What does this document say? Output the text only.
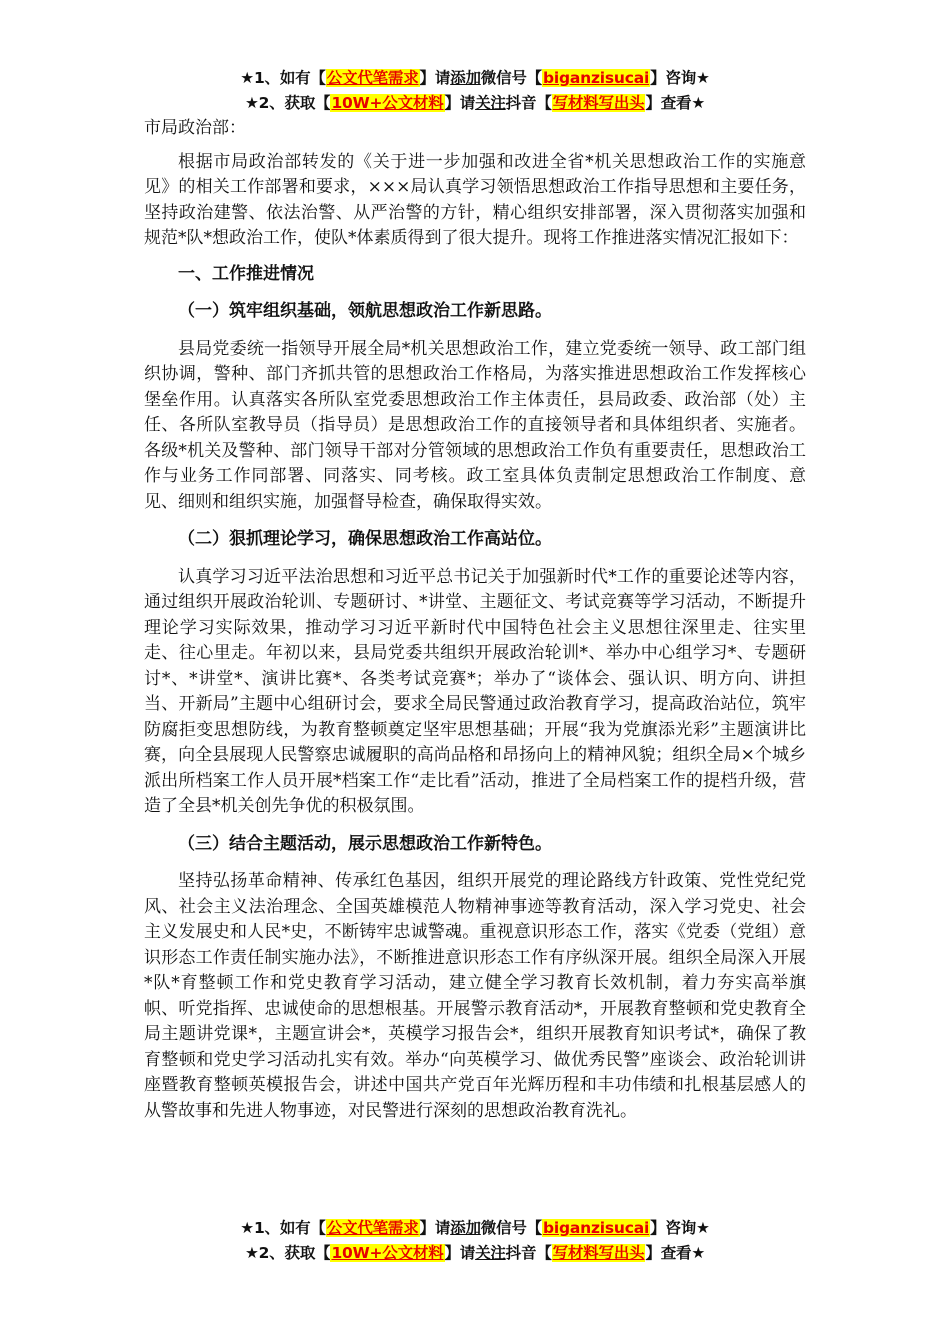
★1、如有【公文代笔需求】请添加微信号【biganzisucai】咨询★
★2、获取【10W+公文材料】请关注抖音【写材料写出头】查看★

市局政治部：

根据市局政治部转发的《关于进一步加强和改进全省*机关思想政治工作的实施意见》的相关工作部署和要求，×××局认真学习领悟思想政治工作指导思想和主要任务，坚持政治建警、依法治警、从严治警的方针，精心组织安排部署，深入贯彻落实加强和规范*队*想政治工作，使队*体素质得到了很大提升。现将工作推进落实情况汇报如下：

一、工作推进情况

（一）筑牢组织基础，领航思想政治工作新思路。

县局党委统一指领导开展全局*机关思想政治工作，建立党委统一领导、政工部门组织协调，警种、部门齐抓共管的思想政治工作格局，为落实推进思想政治工作发挥核心堡垒作用。认真落实各所队室党委思想政治工作主体责任，县局政委、政治部（处）主任、各所队室教导员（指导员）是思想政治工作的直接领导者和具体组织者、实施者。各级*机关及警种、部门领导干部对分管领域的思想政治工作负有重要责任，思想政治工作与业务工作同部署、同落实、同考核。政工室具体负责制定思想政治工作制度、意见、细则和组织实施，加强督导检查，确保取得实效。

（二）狠抓理论学习，确保思想政治工作高站位。

认真学习习近平法治思想和习近平总书记关于加强新时代*工作的重要论述等内容，通过组织开展政治轮训、专题研讨、*讲堂、主题征文、考试竞赛等学习活动，不断提升理论学习实际效果，推动学习习近平新时代中国特色社会主义思想往深里走、往实里走、往心里走。年初以来，县局党委共组织开展政治轮训*、举办中心组学习*、专题研讨*、*讲堂*、演讲比赛*、各类考试竞赛*；举办了“谈体会、强认识、明方向、讲担当、开新局”主题中心组研讨会，要求全局民警通过政治教育学习，提高政治站位，筑牢防腐拒变思想防线，为教育整顿奠定坚牢思想基础；开展“我为党旗添光彩”主题演讲比赛，向全县展现人民警察忠诚履职的高尚品格和昂扬向上的精神风貌；组织全局×个城乡派出所档案工作人员开展*档案工作“走比看”活动，推进了全局档案工作的提档升级，营造了全县*机关创先争优的积极氛围。

（三）结合主题活动，展示思想政治工作新特色。

坚持弘扬革命精神、传承红色基因，组织开展党的理论路线方针政策、党性党纪党风、社会主义法治理念、全国英雄模范人物精神事迹等教育活动，深入学习党史、社会主义发展史和人民*史，不断铸牢忠诚警魂。重视意识形态工作，落实《党委（党组）意识形态工作责任制实施办法》，不断推进意识形态工作有序纵深开展。组织全局深入开展*队*育整顿工作和党史教育学习活动，建立健全学习教育长效机制，着力夯实高举旗帜、听党指挥、忠诚使命的思想根基。开展警示教育活动*，开展教育整顿和党史教育全局主题讲党课*，主题宣讲会*，英模学习报告会*，组织开展教育知识考试*，确保了教育整顿和党史学习活动扎实有效。举办“向英模学习、做优秀民警”座谈会、政治轮训讲座暨教育整顿英模报告会，讲述中国共产党百年光辉历程和丰功伟绩和扎根基层感人的从警故事和先进人物事迹，对民警进行深刻的思想政治教育洗礼。

★1、如有【公文代笔需求】请添加微信号【biganzisucai】咨询★
★2、获取【10W+公文材料】请关注抖音【写材料写出头】查看★
